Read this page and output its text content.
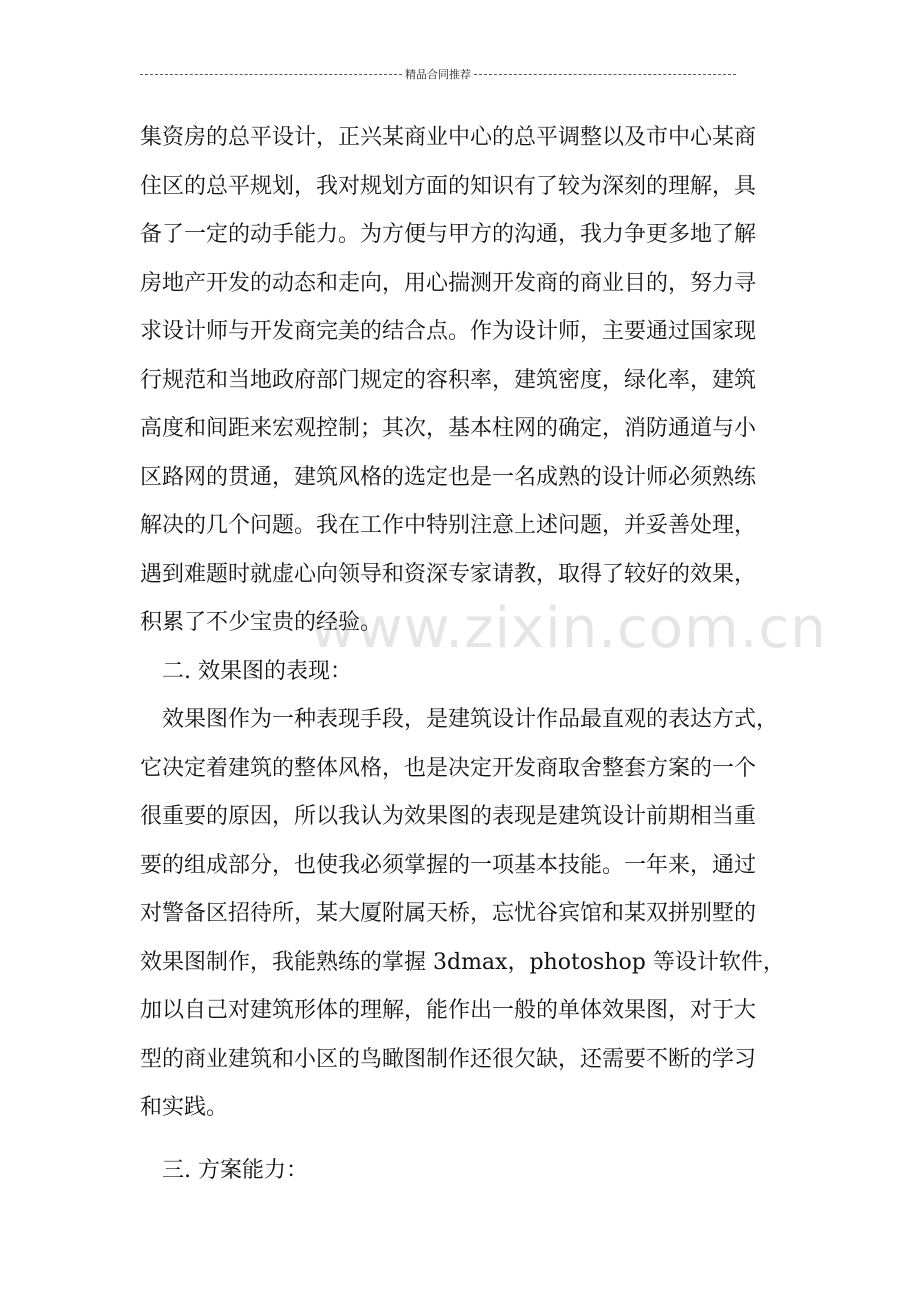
精品合同推荐
www.zixin.com.cn
集资房的总平设计，正兴某商业中心的总平调整以及市中心某商
住区的总平规划，我对规划方面的知识有了较为深刻的理解，具
备了一定的动手能力。为方便与甲方的沟通，我力争更多地了解
房地产开发的动态和走向，用心揣测开发商的商业目的，努力寻
求设计师与开发商完美的结合点。作为设计师，主要通过国家现
行规范和当地政府部门规定的容积率，建筑密度，绿化率，建筑
高度和间距来宏观控制；其次，基本柱网的确定，消防通道与小
区路网的贯通，建筑风格的选定也是一名成熟的设计师必须熟练
解决的几个问题。我在工作中特别注意上述问题，并妥善处理，
遇到难题时就虚心向领导和资深专家请教，取得了较好的效果，
积累了不少宝贵的经验。
二. 效果图的表现：
效果图作为一种表现手段，是建筑设计作品最直观的表达方式，
它决定着建筑的整体风格，也是决定开发商取舍整套方案的一个
很重要的原因，所以我认为效果图的表现是建筑设计前期相当重
要的组成部分，也使我必须掌握的一项基本技能。一年来，通过
对警备区招待所，某大厦附属天桥，忘忧谷宾馆和某双拼别墅的
效果图制作，我能熟练的掌握 3dmax，photoshop 等设计软件，
加以自己对建筑形体的理解，能作出一般的单体效果图，对于大
型的商业建筑和小区的鸟瞰图制作还很欠缺，还需要不断的学习
和实践。
三. 方案能力：
